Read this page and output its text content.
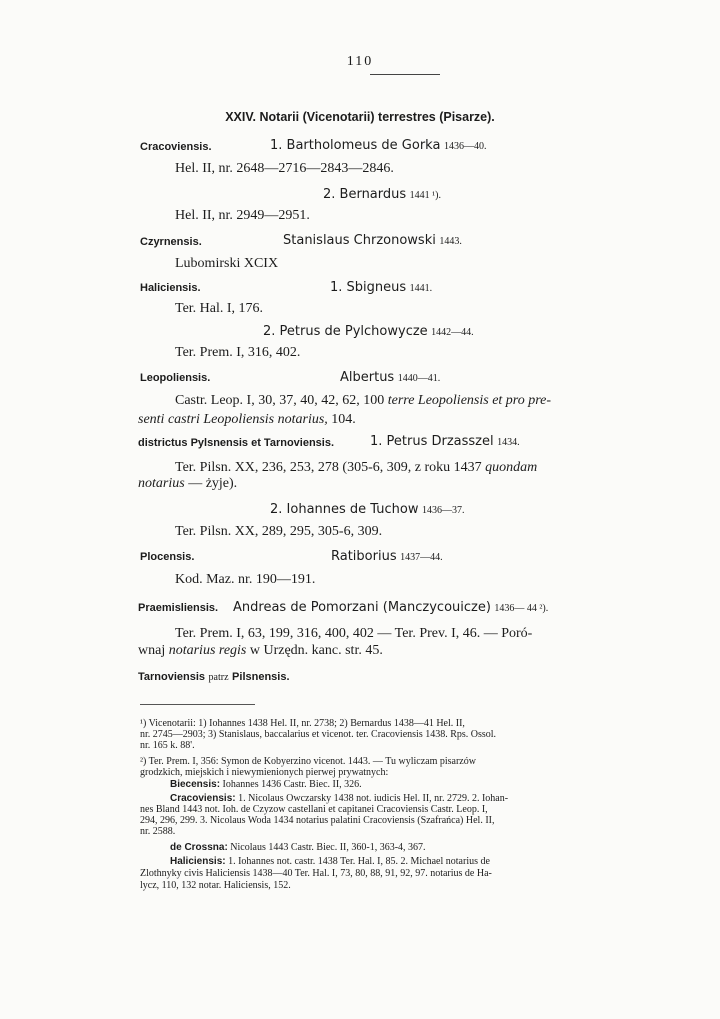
110
XXIV. Notarii (Vicenotarii) terrestres (Pisarze).
Cracoviensis.	1. Bartholomeus de Gorka 1436—40.
Hel. II, nr. 2648—2716—2843—2846.
2. Bernardus 1441 ¹).
Hel. II, nr. 2949—2951.
Czyrnensis.	Stanislaus Chrzonowski 1443.
Lubomirski XCIX
Haliciensis.	1. Sbigneus 1441.
Ter. Hal. I, 176.
2. Petrus de Pylchowycze 1442—44.
Ter. Prem. I, 316, 402.
Leopoliensis.	Albertus 1440—41.
Castr. Leop. I, 30, 37, 40, 42, 62, 100 terre Leopoliensis et pro pre-
senti castri Leopoliensis notarius, 104.
districtus Pylsnensis et Tarnoviensis.	1. Petrus Drzasszel 1434.
Ter. Pilsn. XX, 236, 253, 278 (305-6, 309, z roku 1437 quondam
notarius — żyje).
2. Iohannes de Tuchow 1436—37.
Ter. Pilsn. XX, 289, 295, 305-6, 309.
Plocensis.	Ratiborius 1437—44.
Kod. Maz. nr. 190—191.
Praemisliensis. Andreas de Pomorzani (Manczycouicze) 1436— 44 ²).
Ter. Prem. I, 63, 199, 316, 400, 402 — Ter. Prev. I, 46. — Poró-
wnaj notarius regis w Urzędn. kanc. str. 45.
Tarnoviensis patrz Pilsnensis.
¹) Vicenotarii: 1) Iohannes 1438 Hel. II, nr. 2738; 2) Bernardus 1438—41 Hel. II,
nr. 2745—2903; 3) Stanislaus, baccalarius et vicenot. ter. Cracoviensis 1438. Rps. Ossol.
nr. 165 k. 88'.
²) Ter. Prem. I, 356: Symon de Kobyerzino vicenot. 1443. — Tu wyliczam pisarzów
grodzkich, miejskich i niewymienionych pierwej prywatnych:
Biecensis: Iohannes 1436 Castr. Biec. II, 326.
Cracoviensis: 1. Nicolaus Owczarsky 1438 not. iudicis Hel. II, nr. 2729. 2. Iohan-
nes Bland 1443 not. Ioh. de Czyzow castellani et capitanei Cracoviensis Castr. Leop. I,
294, 296, 299. 3. Nicolaus Woda 1434 notarius palatini Cracoviensis (Szafrańca) Hel. II,
nr. 2588.
de Crossna: Nicolaus 1443 Castr. Biec. II, 360-1, 363-4, 367.
Haliciensis: 1. Iohannes not. castr. 1438 Ter. Hal. I, 85. 2. Michael notarius de
Zlothnyky civis Haliciensis 1438—40 Ter. Hal. I, 73, 80, 88, 91, 92, 97. notarius de Ha-
lycz, 110, 132 notar. Haliciensis, 152.
